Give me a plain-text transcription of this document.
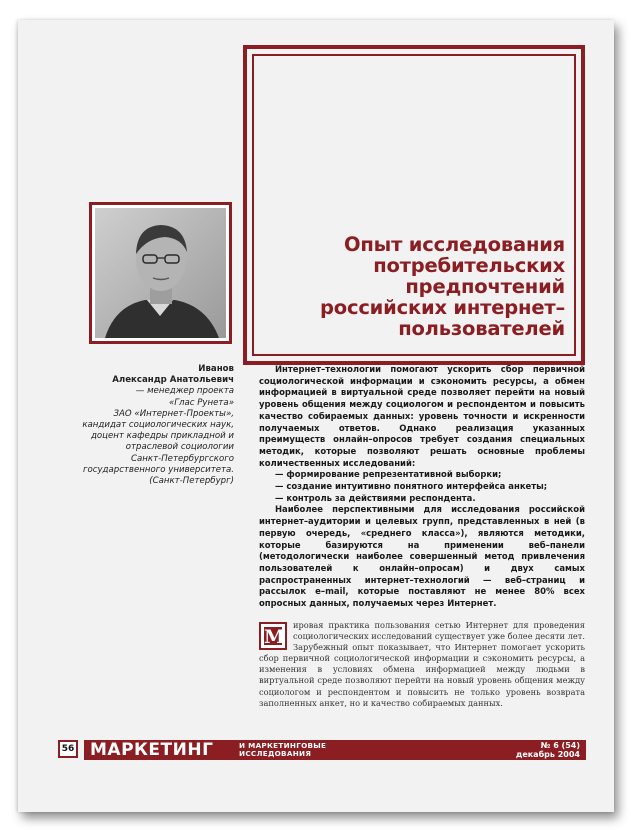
Опыт исследования
потребительских
предпочтений
российских интернет–
пользователей
Иванов
Александр Анатольевич
— менеджер проекта
«Глас Рунета»
ЗАО «Интернет-Проекты»,
кандидат социологических наук,
доцент кафедры прикладной и
отраслевой социологии
Санкт-Петербургского
государственного университета.
(Санкт-Петербург)

Интернет–технологии помогают ускорить сбор первичной социологической информации и сэкономить ресурсы, а обмен информацией в виртуальной среде позволяет перейти на новый уровень общения между социологом и респондентом и повысить качество собираемых данных: уровень точности и искренности получаемых ответов. Однако реализация указанных преимуществ онлайн–опросов требует создания специальных методик, которые позволяют решать основные проблемы количественных исследований:

— формирование репрезентативной выборки;
— создание интуитивно понятного интерфейса анкеты;
— контроль за действиями респондента.

Наиболее перспективными для исследования российской интернет–аудитории и целевых групп, представленных в ней (в первую очередь, «среднего класса»), являются методики, которые базируются на применении веб–панели (методологически наиболее совершенный метод привлечения пользователей к онлайн–опросам) и двух самых распространенных интернет–технологий — веб–страниц и рассылок e–mail, которые поставляют не менее 80% всех опросных данных, получаемых через Интернет.

М
ировая практика пользования сетью Интернет для проведения социологических исследований существует уже более десяти лет. Зарубежный опыт показывает, что Интернет помогает ускорить сбор первичной социологической информации и сэкономить ресурсы, а изменения в условиях обмена информацией между людьми в виртуальной среде позволяют перейти на новый уровень общения между социологом и респондентом и повысить не только уровень возврата заполненных анкет, но и качество собираемых данных.
56 МАРКЕТИНГ	И МАРКЕТИНГОВЫЕ
ИССЛЕДОВАНИЯ
№ 6 (54)
декабрь 2004
